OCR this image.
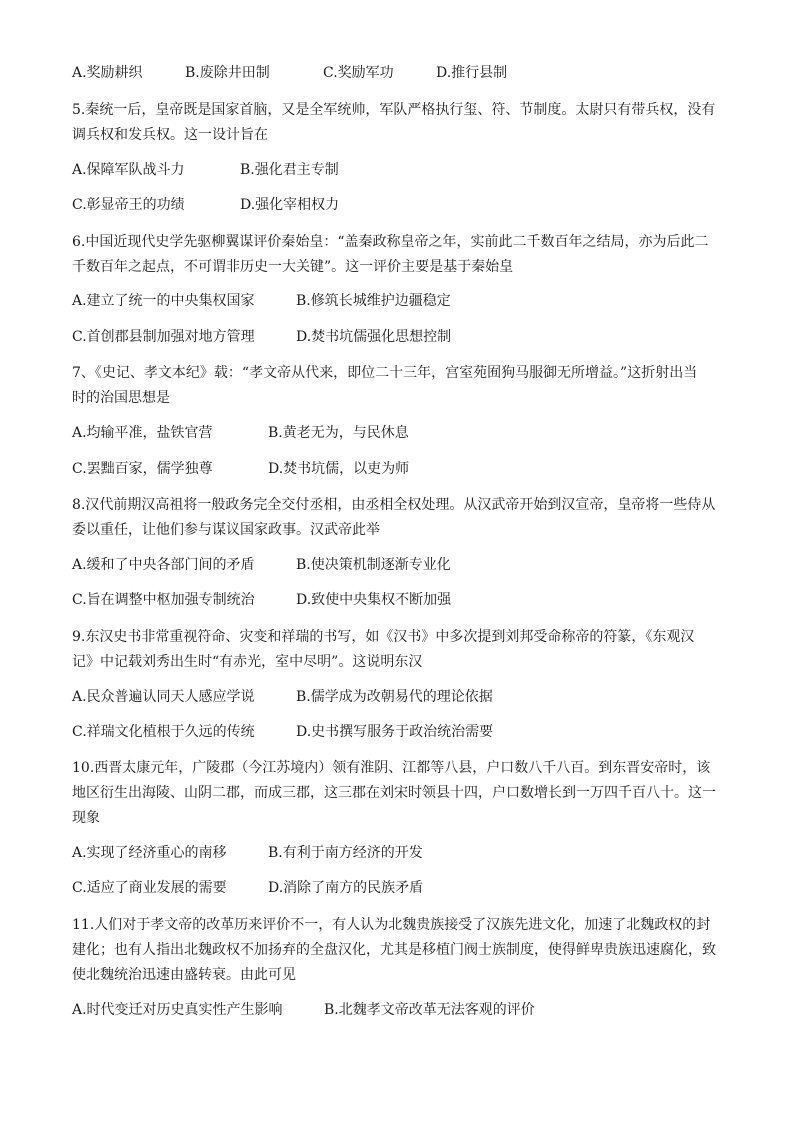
A.奖励耕织	B.废除井田制	C.奖励军功	D.推行县制
5.秦统一后，皇帝既是国家首脑，又是全军统帅，军队严格执行玺、符、节制度。太尉只有带兵权，没有
调兵权和发兵权。这一设计旨在
A.保障军队战斗力	B.强化君主专制
C.彰显帝王的功绩	D.强化宰相权力
6.中国近现代史学先驱柳翼谋评价秦始皇：“盖秦政称皇帝之年，实前此二千数百年之结局，亦为后此二
千数百年之起点，不可谓非历史一大关键”。这一评价主要是基于秦始皇
A.建立了统一的中央集权国家	B.修筑长城维护边疆稳定
C.首创郡县制加强对地方管理	D.焚书坑儒强化思想控制
7、《史记、孝文本纪》载：“孝文帝从代来，即位二十三年，宫室苑囿狗马服御无所增益。”这折射出当
时的治国思想是
A.均输平准，盐铁官营	B.黄老无为，与民休息
C.罢黜百家，儒学独尊	D.焚书坑儒，以吏为师
8.汉代前期汉高祖将一般政务完全交付丞相，由丞相全权处理。从汉武帝开始到汉宣帝，皇帝将一些侍从
委以重任，让他们参与谋议国家政事。汉武帝此举
A.缓和了中央各部门间的矛盾	B.使决策机制逐渐专业化
C.旨在调整中枢加强专制统治	D.致使中央集权不断加强
9.东汉史书非常重视符命、灾变和祥瑞的书写，如《汉书》中多次提到刘邦受命称帝的符篆，《东观汉
记》中记载刘秀出生时“有赤光，室中尽明”。这说明东汉
A.民众普遍认同天人感应学说	B.儒学成为改朝易代的理论依据
C.祥瑞文化植根于久远的传统	D.史书撰写服务于政治统治需要
10.西晋太康元年，广陵郡（今江苏境内）领有淮阴、江都等八县，户口数八千八百。到东晋安帝时，该
地区衍生出海陵、山阴二郡，而成三郡，这三郡在刘宋时领县十四，户口数增长到一万四千百八十。这一
现象
A.实现了经济重心的南移	B.有利于南方经济的开发
C.适应了商业发展的需要	D.消除了南方的民族矛盾
11.人们对于孝文帝的改革历来评价不一，有人认为北魏贵族接受了汉族先进文化，加速了北魏政权的封
建化；也有人指出北魏政权不加扬弃的全盘汉化，尤其是移植门阀士族制度，使得鲜卑贵族迅速腐化，致
使北魏统治迅速由盛转衰。由此可见
A.时代变迁对历史真实性产生影响	B.北魏孝文帝改革无法客观的评价
